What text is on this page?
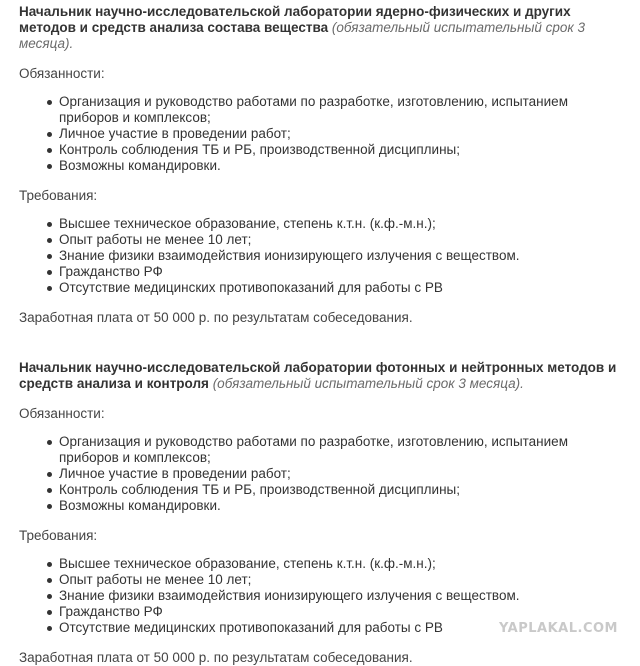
Начальник научно-исследовательской лаборатории ядерно-физических и других методов и средств анализа состава вещества (обязательный испытательный срок 3 месяца).

Обязанности:

Организация и руководство работами по разработке, изготовлению, испытанием приборов и комплексов;
Личное участие в проведении работ;
Контроль соблюдения ТБ и РБ, производственной дисциплины;
Возможны командировки.

Требования:

Высшее техническое образование, степень к.т.н. (к.ф.-м.н.);
Опыт работы не менее 10 лет;
Знание физики взаимодействия ионизирующего излучения с веществом.
Гражданство РФ
Отсутствие медицинских противопоказаний для работы с РВ

Заработная плата от 50 000 р. по результатам собеседования.

Начальник научно-исследовательской лаборатории фотонных и нейтронных методов и средств анализа и контроля (обязательный испытательный срок 3 месяца).

Обязанности:

Организация и руководство работами по разработке, изготовлению, испытанием приборов и комплексов;
Личное участие в проведении работ;
Контроль соблюдения ТБ и РБ, производственной дисциплины;
Возможны командировки.

Требования:

Высшее техническое образование, степень к.т.н. (к.ф.-м.н.);
Опыт работы не менее 10 лет;
Знание физики взаимодействия ионизирующего излучения с веществом.
Гражданство РФ
Отсутствие медицинских противопоказаний для работы с РВ

Заработная плата от 50 000 р. по результатам собеседования.

YAPLAKAL.COM
